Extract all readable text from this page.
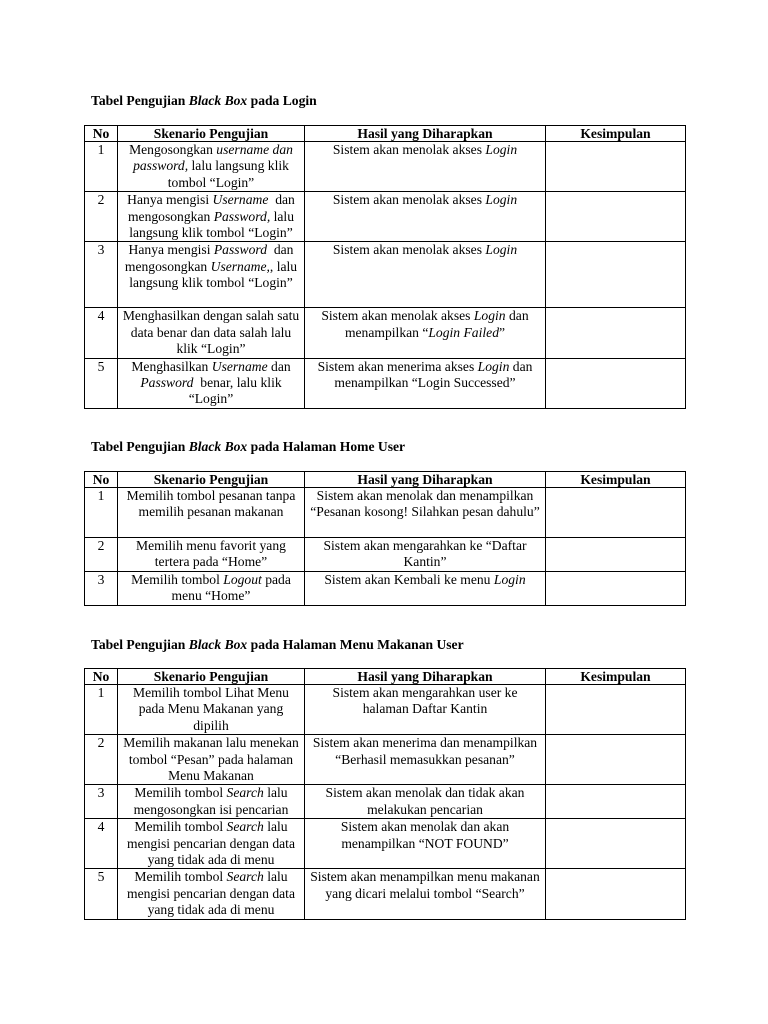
Tabel Pengujian Black Box pada Login
No	Skenario Pengujian	Hasil yang Diharapkan	Kesimpulan
1	Mengosongkan username dan password, lalu langsung klik tombol “Login”	Sistem akan menolak akses Login	
2	Hanya mengisi Username  dan mengosongkan Password, lalu langsung klik tombol “Login”	Sistem akan menolak akses Login	
3	Hanya mengisi Password  dan mengosongkan Username,, lalu langsung klik tombol “Login”	Sistem akan menolak akses Login	
4	Menghasilkan dengan salah satu data benar dan data salah lalu klik “Login”	Sistem akan menolak akses Login dan menampilkan “Login Failed”	
5	Menghasilkan Username dan Password  benar, lalu klik “Login”	Sistem akan menerima akses Login dan menampilkan “Login Successed”	
Tabel Pengujian Black Box pada Halaman Home User
No	Skenario Pengujian	Hasil yang Diharapkan	Kesimpulan
1	Memilih tombol pesanan tanpa memilih pesanan makanan	Sistem akan menolak dan menampilkan “Pesanan kosong! Silahkan pesan dahulu”	
2	Memilih menu favorit yang tertera pada “Home”	Sistem akan mengarahkan ke “Daftar Kantin”	
3	Memilih tombol Logout pada menu “Home”	Sistem akan Kembali ke menu Login	
Tabel Pengujian Black Box pada Halaman Menu Makanan User
No	Skenario Pengujian	Hasil yang Diharapkan	Kesimpulan
1	Memilih tombol Lihat Menu pada Menu Makanan yang dipilih	Sistem akan mengarahkan user ke halaman Daftar Kantin	
2	Memilih makanan lalu menekan tombol “Pesan” pada halaman Menu Makanan	Sistem akan menerima dan menampilkan “Berhasil memasukkan pesanan”	
3	Memilih tombol Search lalu mengosongkan isi pencarian	Sistem akan menolak dan tidak akan melakukan pencarian	
4	Memilih tombol Search lalu mengisi pencarian dengan data yang tidak ada di menu	Sistem akan menolak dan akan menampilkan “NOT FOUND”	
5	Memilih tombol Search lalu mengisi pencarian dengan data yang tidak ada di menu	Sistem akan menampilkan menu makanan yang dicari melalui tombol “Search”	
